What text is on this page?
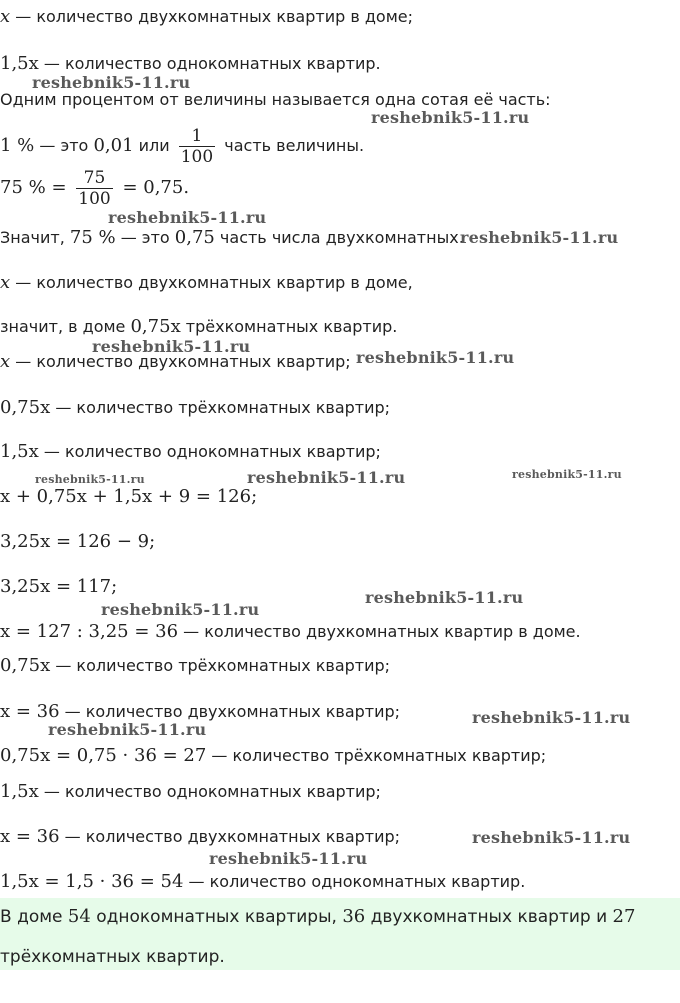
x — количество двухкомнатных квартир в доме;
1,5x — количество однокомнатных квартир.
Одним процентом от величины называется одна сотая её часть:
1 % — это 0,01 или $\frac{1}{100}$ часть величины.
75 % = $\frac{75}{100} = 0,75$.
Значит, 75 % — это 0,75 часть числа двухкомнатных.
x — количество двухкомнатных квартир в доме,
значит, в доме 0,75x трёхкомнатных квартир.
x — количество двухкомнатных квартир;
0,75x — количество трёхкомнатных квартир;
1,5x — количество однокомнатных квартир;
x + 0,75x + 1,5x + 9 = 126;
3,25x = 126 − 9;
3,25x = 117;
x = 127 : 3,25 = 36 — количество двухкомнатных квартир в доме.
0,75x — количество трёхкомнатных квартир;
x = 36 — количество двухкомнатных квартир;
0,75x = 0,75 · 36 = 27 — количество трёхкомнатных квартир;
1,5x — количество однокомнатных квартир;
x = 36 — количество двухкомнатных квартир;
1,5x = 1,5 · 36 = 54 — количество однокомнатных квартир.
В доме 54 однокомнатных квартиры, 36 двухкомнатных квартир и 27
трёхкомнатных квартир.
reshebnik5-11.ru
reshebnik5-11.ru
reshebnik5-11.ru
reshebnik5-11.ru
reshebnik5-11.ru
reshebnik5-11.ru
reshebnik5-11.ru	reshebnik5-11.ru	reshebnik5-11.ru
reshebnik5-11.ru
reshebnik5-11.ru
reshebnik5-11.ru
reshebnik5-11.ru
reshebnik5-11.ru
reshebnik5-11.ru
